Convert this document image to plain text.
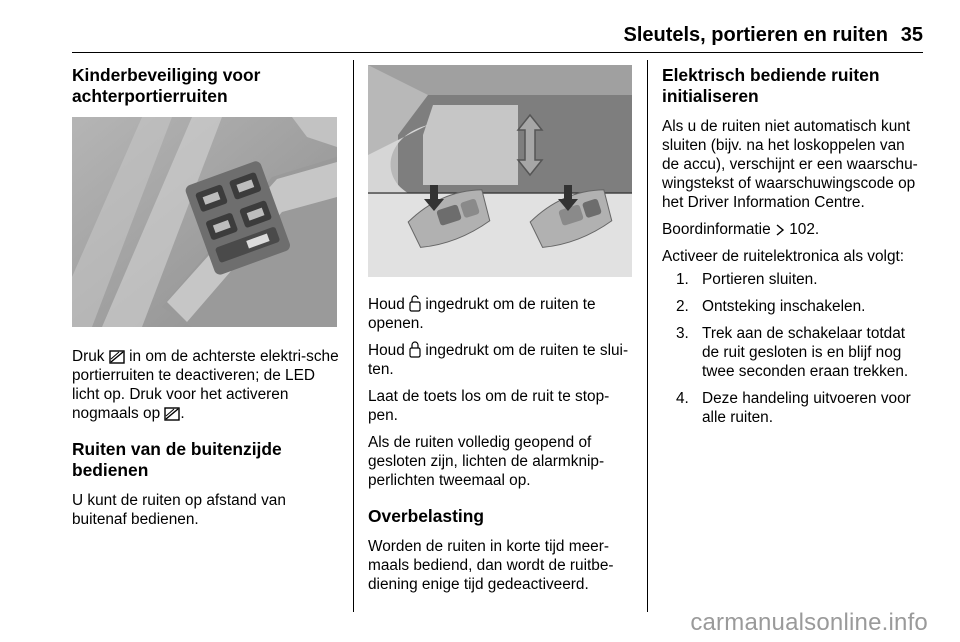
Sleutels, portieren en ruiten 35
Kinderbeveiliging voor achterportierruiten

Druk in om de achterste elektri-sche portierruiten te deactiveren; de LED licht op. Druk voor het activeren nogmaals op .

Ruiten van de buitenzijde bedienen

U kunt de ruiten op afstand van buitenaf bedienen.

Houd ingedrukt om de ruiten te openen.

Houd ingedrukt om de ruiten te slui-ten.

Laat de toets los om de ruit te stop-pen.

Als de ruiten volledig geopend of gesloten zijn, lichten de alarmknip-perlichten tweemaal op.

Overbelasting

Worden de ruiten in korte tijd meer-maals bediend, dan wordt de ruitbe-diening enige tijd gedeactiveerd.

Elektrisch bediende ruiten initialiseren

Als u de ruiten niet automatisch kunt sluiten (bijv. na het loskoppelen van de accu), verschijnt er een waarschu-wingstekst of waarschuwingscode op het Driver Information Centre.

Boordinformatie 102.

Activeer de ruitelektronica als volgt:

1. Portieren sluiten.
2. Ontsteking inschakelen.
3. Trek aan de schakelaar totdat de ruit gesloten is en blijf nog twee seconden eraan trekken.
4. Deze handeling uitvoeren voor alle ruiten.
carmanualsonline.info
